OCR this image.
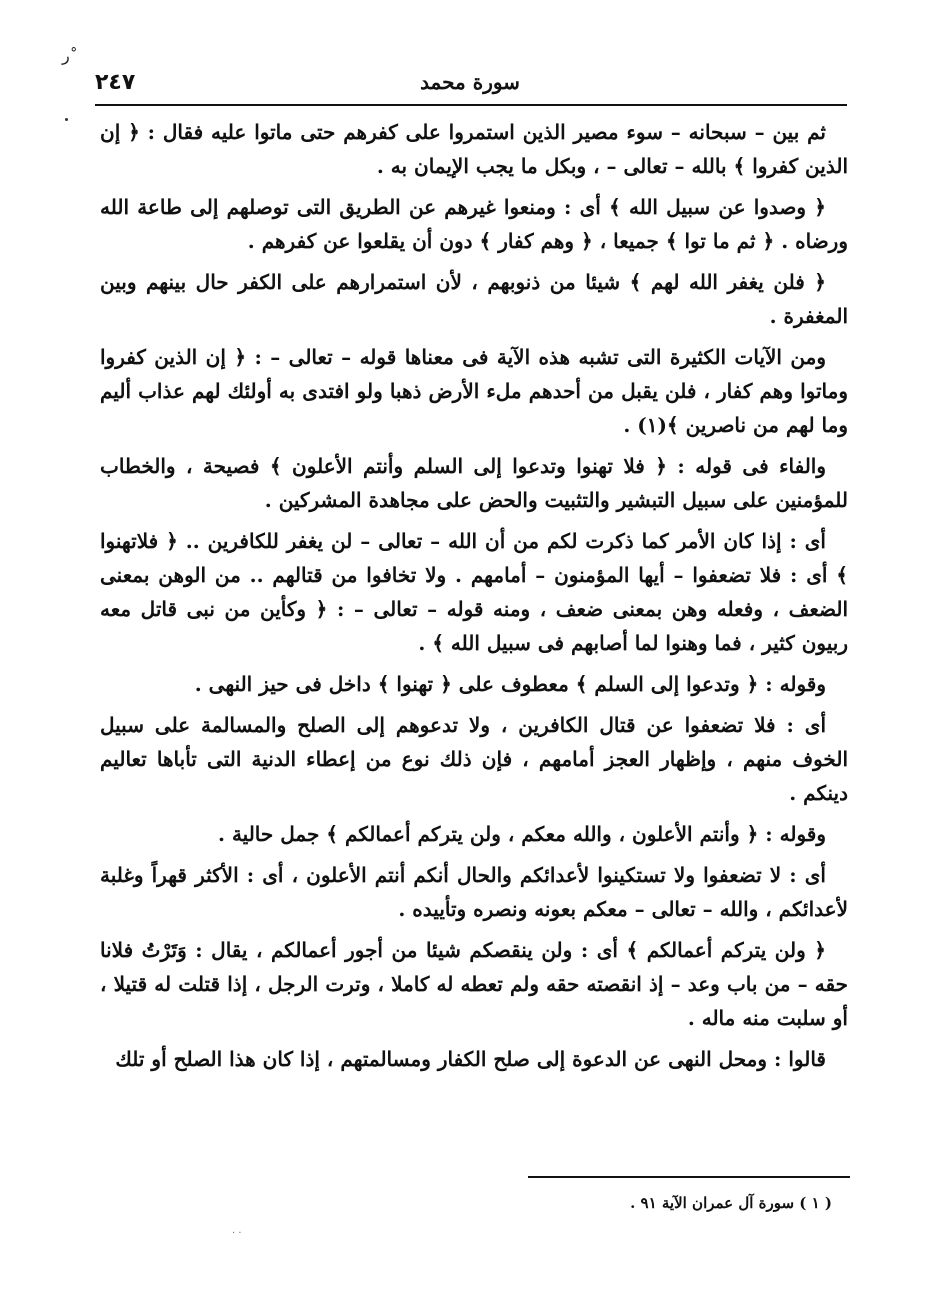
ﺭ˚
٢٤٧	سورة محمد

ثم بين – سبحانه – سوء مصير الذين استمروا على كفرهم حتى ماتوا عليه فقال : ﴿ إن الذين كفروا ﴾ بالله – تعالى – ، وبكل ما يجب الإيمان به .

﴿ وصدوا عن سبيل الله ﴾ أى : ومنعوا غيرهم عن الطريق التى توصلهم إلى طاعة الله ورضاه . ﴿ ثم ما توا ﴾ جميعا ، ﴿ وهم كفار ﴾ دون أن يقلعوا عن كفرهم .

﴿ فلن يغفر الله لهم ﴾ شيئا من ذنوبهم ، لأن استمرارهم على الكفر حال بينهم وبين المغفرة .

ومن الآيات الكثيرة التى تشبه هذه الآية فى معناها قوله – تعالى – : ﴿ إن الذين كفروا وماتوا وهم كفار ، فلن يقبل من أحدهم ملء الأرض ذهبا ولو افتدى به أولئك لهم عذاب أليم وما لهم من ناصرين ﴾(١) .

والفاء فى قوله : ﴿ فلا تهنوا وتدعوا إلى السلم وأنتم الأعلون ﴾ فصيحة ، والخطاب للمؤمنين على سبيل التبشير والتثبيت والحض على مجاهدة المشركين .

أى : إذا كان الأمر كما ذكرت لكم من أن الله – تعالى – لن يغفر للكافرين .. ﴿ فلاتهنوا ﴾ أى : فلا تضعفوا – أيها المؤمنون – أمامهم . ولا تخافوا من قتالهم .. من الوهن بمعنى الضعف ، وفعله وهن بمعنى ضعف ، ومنه قوله – تعالى – : ﴿ وكأين من نبى قاتل معه ربيون كثير ، فما وهنوا لما أصابهم فى سبيل الله ﴾ .

وقوله : ﴿ وتدعوا إلى السلم ﴾ معطوف على ﴿ تهنوا ﴾ داخل فى حيز النهى .

أى : فلا تضعفوا عن قتال الكافرين ، ولا تدعوهم إلى الصلح والمسالمة على سبيل الخوف منهم ، وإظهار العجز أمامهم ، فإن ذلك نوع من إعطاء الدنية التى تأباها تعاليم دينكم .

وقوله : ﴿ وأنتم الأعلون ، والله معكم ، ولن يتركم أعمالكم ﴾ جمل حالية .

أى : لا تضعفوا ولا تستكينوا لأعدائكم والحال أنكم أنتم الأعلون ، أى : الأكثر قهراً وغلبة لأعدائكم ، والله – تعالى – معكم بعونه ونصره وتأييده .

﴿ ولن يتركم أعمالكم ﴾ أى : ولن ينقصكم شيئا من أجور أعمالكم ، يقال : وَتَرْتُ فلانا حقه – من باب وعد – إذ انقصته حقه ولم تعطه له كاملا ، وترت الرجل ، إذا قتلت له قتيلا ، أو سلبت منه ماله .

قالوا : ومحل النهى عن الدعوة إلى صلح الكفار ومسالمتهم ، إذا كان هذا الصلح أو تلك

( ١ ) سورة آل عمران الآية ٩١ .
· ·
